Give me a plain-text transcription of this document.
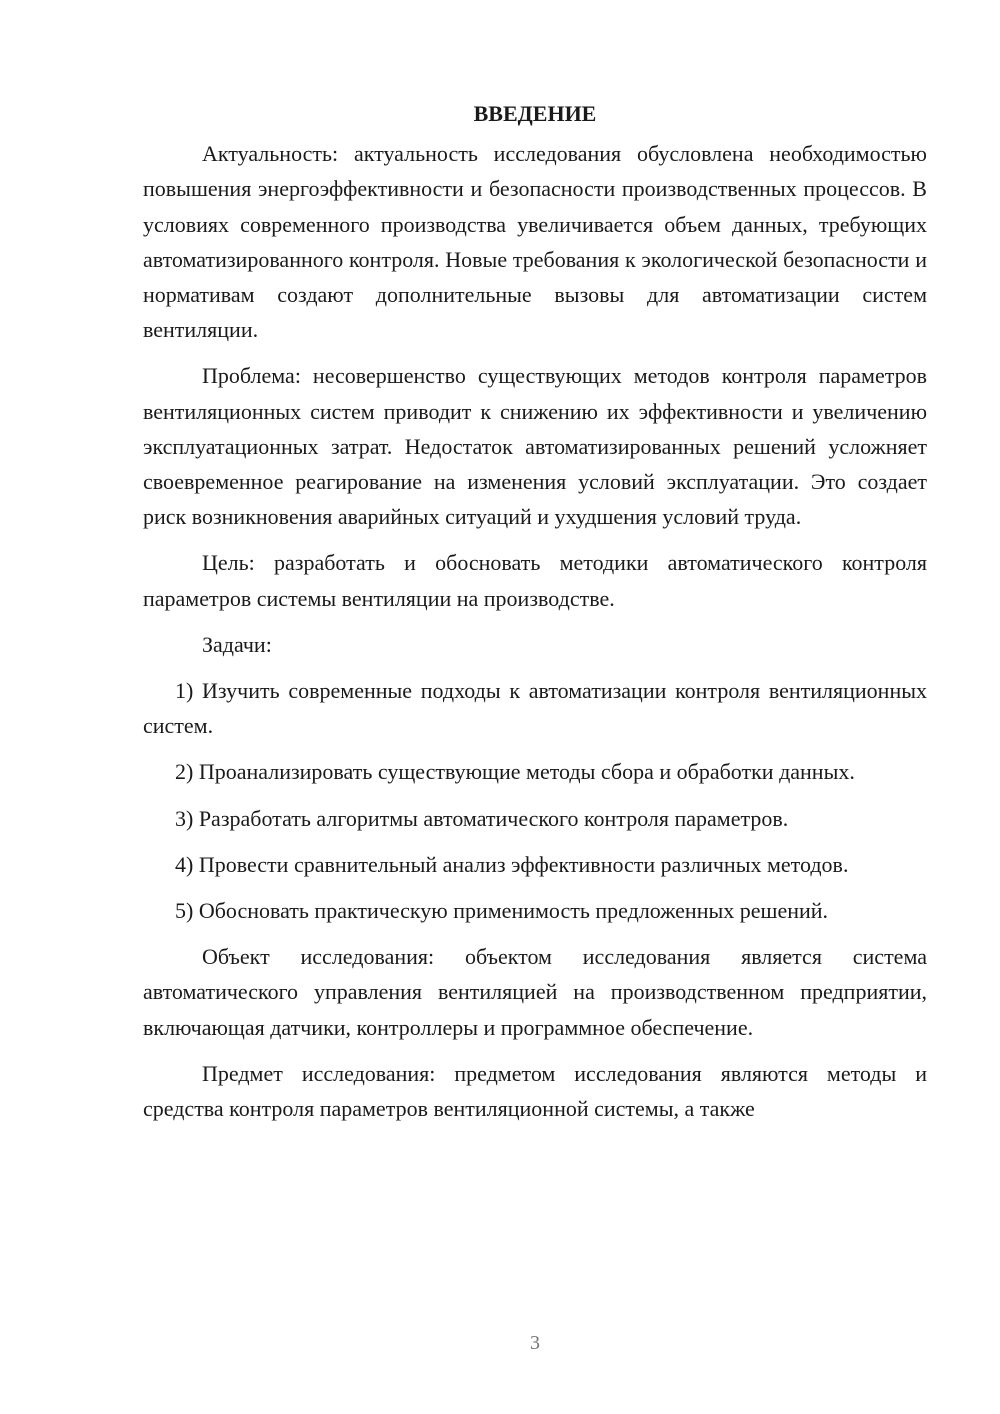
ВВЕДЕНИЕ

Актуальность: актуальность исследования обусловлена необходимостью повышения энергоэффективности и безопасности производственных процессов. В условиях современного производства увеличивается объем данных, требующих автоматизированного контроля. Новые требования к экологической безопасности и нормативам создают дополнительные вызовы для автоматизации систем вентиляции.

Проблема: несовершенство существующих методов контроля параметров вентиляционных систем приводит к снижению их эффективности и увеличению эксплуатационных затрат. Недостаток автоматизированных решений усложняет своевременное реагирование на изменения условий эксплуатации. Это создает риск возникновения аварийных ситуаций и ухудшения условий труда.

Цель: разработать и обосновать методики автоматического контроля параметров системы вентиляции на производстве.

Задачи:

1) Изучить современные подходы к автоматизации контроля вентиляционных систем.

2) Проанализировать существующие методы сбора и обработки данных.

3) Разработать алгоритмы автоматического контроля параметров.

4) Провести сравнительный анализ эффективности различных методов.

5) Обосновать практическую применимость предложенных решений.

Объект исследования: объектом исследования является система автоматического управления вентиляцией на производственном предприятии, включающая датчики, контроллеры и программное обеспечение.

Предмет исследования: предметом исследования являются методы и средства контроля параметров вентиляционной системы, а также

3
